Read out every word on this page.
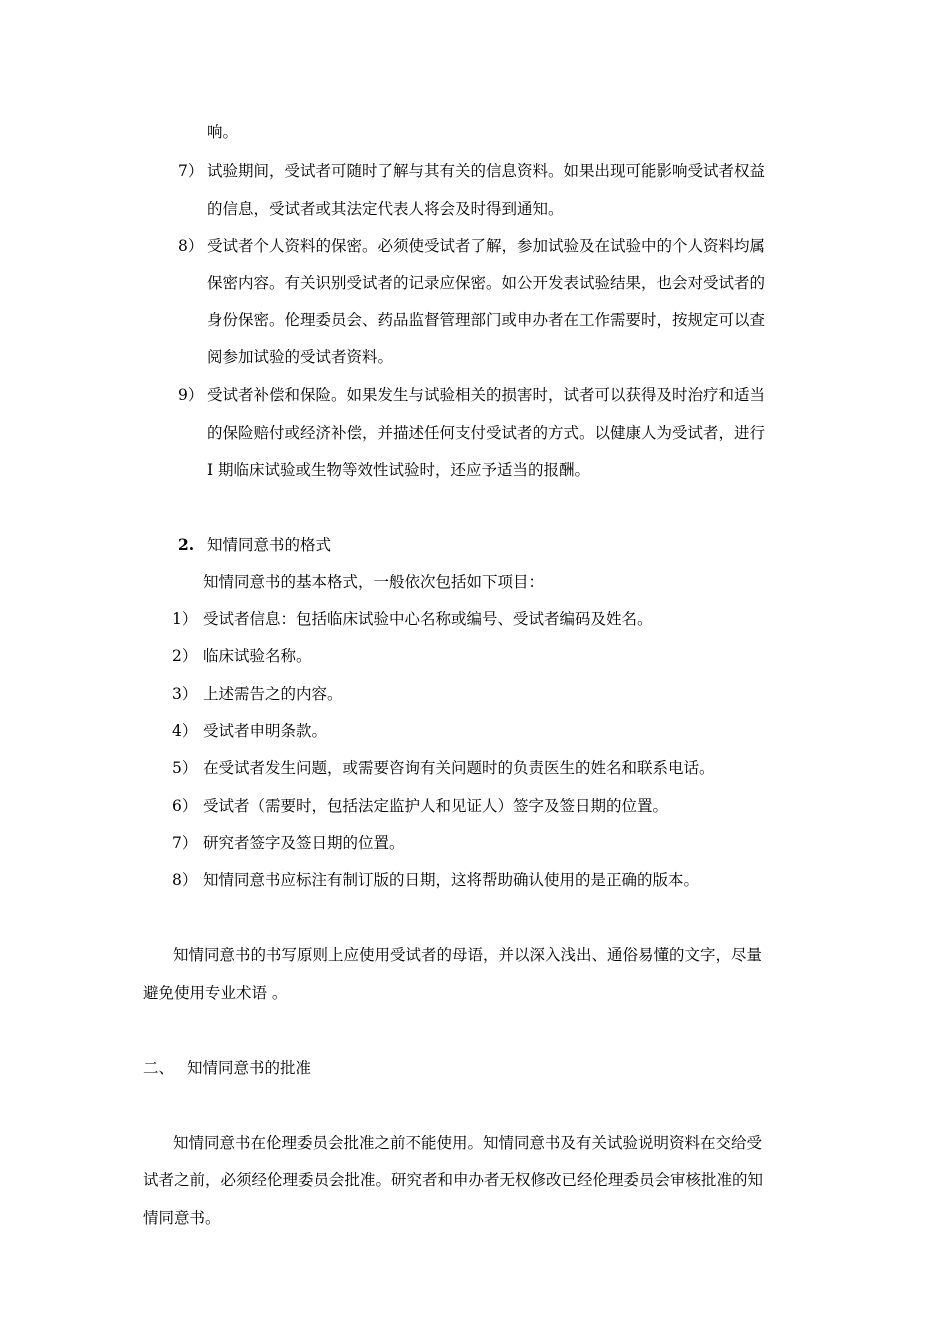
响。
7） 试验期间，受试者可随时了解与其有关的信息资料。如果出现可能影响受试者权益
的信息，受试者或其法定代表人将会及时得到通知。
8） 受试者个人资料的保密。必须使受试者了解，参加试验及在试验中的个人资料均属
保密内容。有关识别受试者的记录应保密。如公开发表试验结果，也会对受试者的
身份保密。伦理委员会、药品监督管理部门或申办者在工作需要时，按规定可以查
阅参加试验的受试者资料。
9） 受试者补偿和保险。如果发生与试验相关的损害时，试者可以获得及时治疗和适当
的保险赔付或经济补偿，并描述任何支付受试者的方式。以健康人为受试者，进行
I 期临床试验或生物等效性试验时，还应予适当的报酬。
2. 知情同意书的格式
知情同意书的基本格式，一般依次包括如下项目：
1） 受试者信息：包括临床试验中心名称或编号、受试者编码及姓名。
2） 临床试验名称。
3） 上述需告之的内容。
4） 受试者申明条款。
5） 在受试者发生问题，或需要咨询有关问题时的负责医生的姓名和联系电话。
6） 受试者（需要时，包括法定监护人和见证人）签字及签日期的位置。
7） 研究者签字及签日期的位置。
8） 知情同意书应标注有制订版的日期，这将帮助确认使用的是正确的版本。
知情同意书的书写原则上应使用受试者的母语，并以深入浅出、通俗易懂的文字，尽量
避免使用专业术语 。
二、 知情同意书的批准
知情同意书在伦理委员会批准之前不能使用。知情同意书及有关试验说明资料在交给受
试者之前，必须经伦理委员会批准。研究者和申办者无权修改已经伦理委员会审核批准的知
情同意书。
